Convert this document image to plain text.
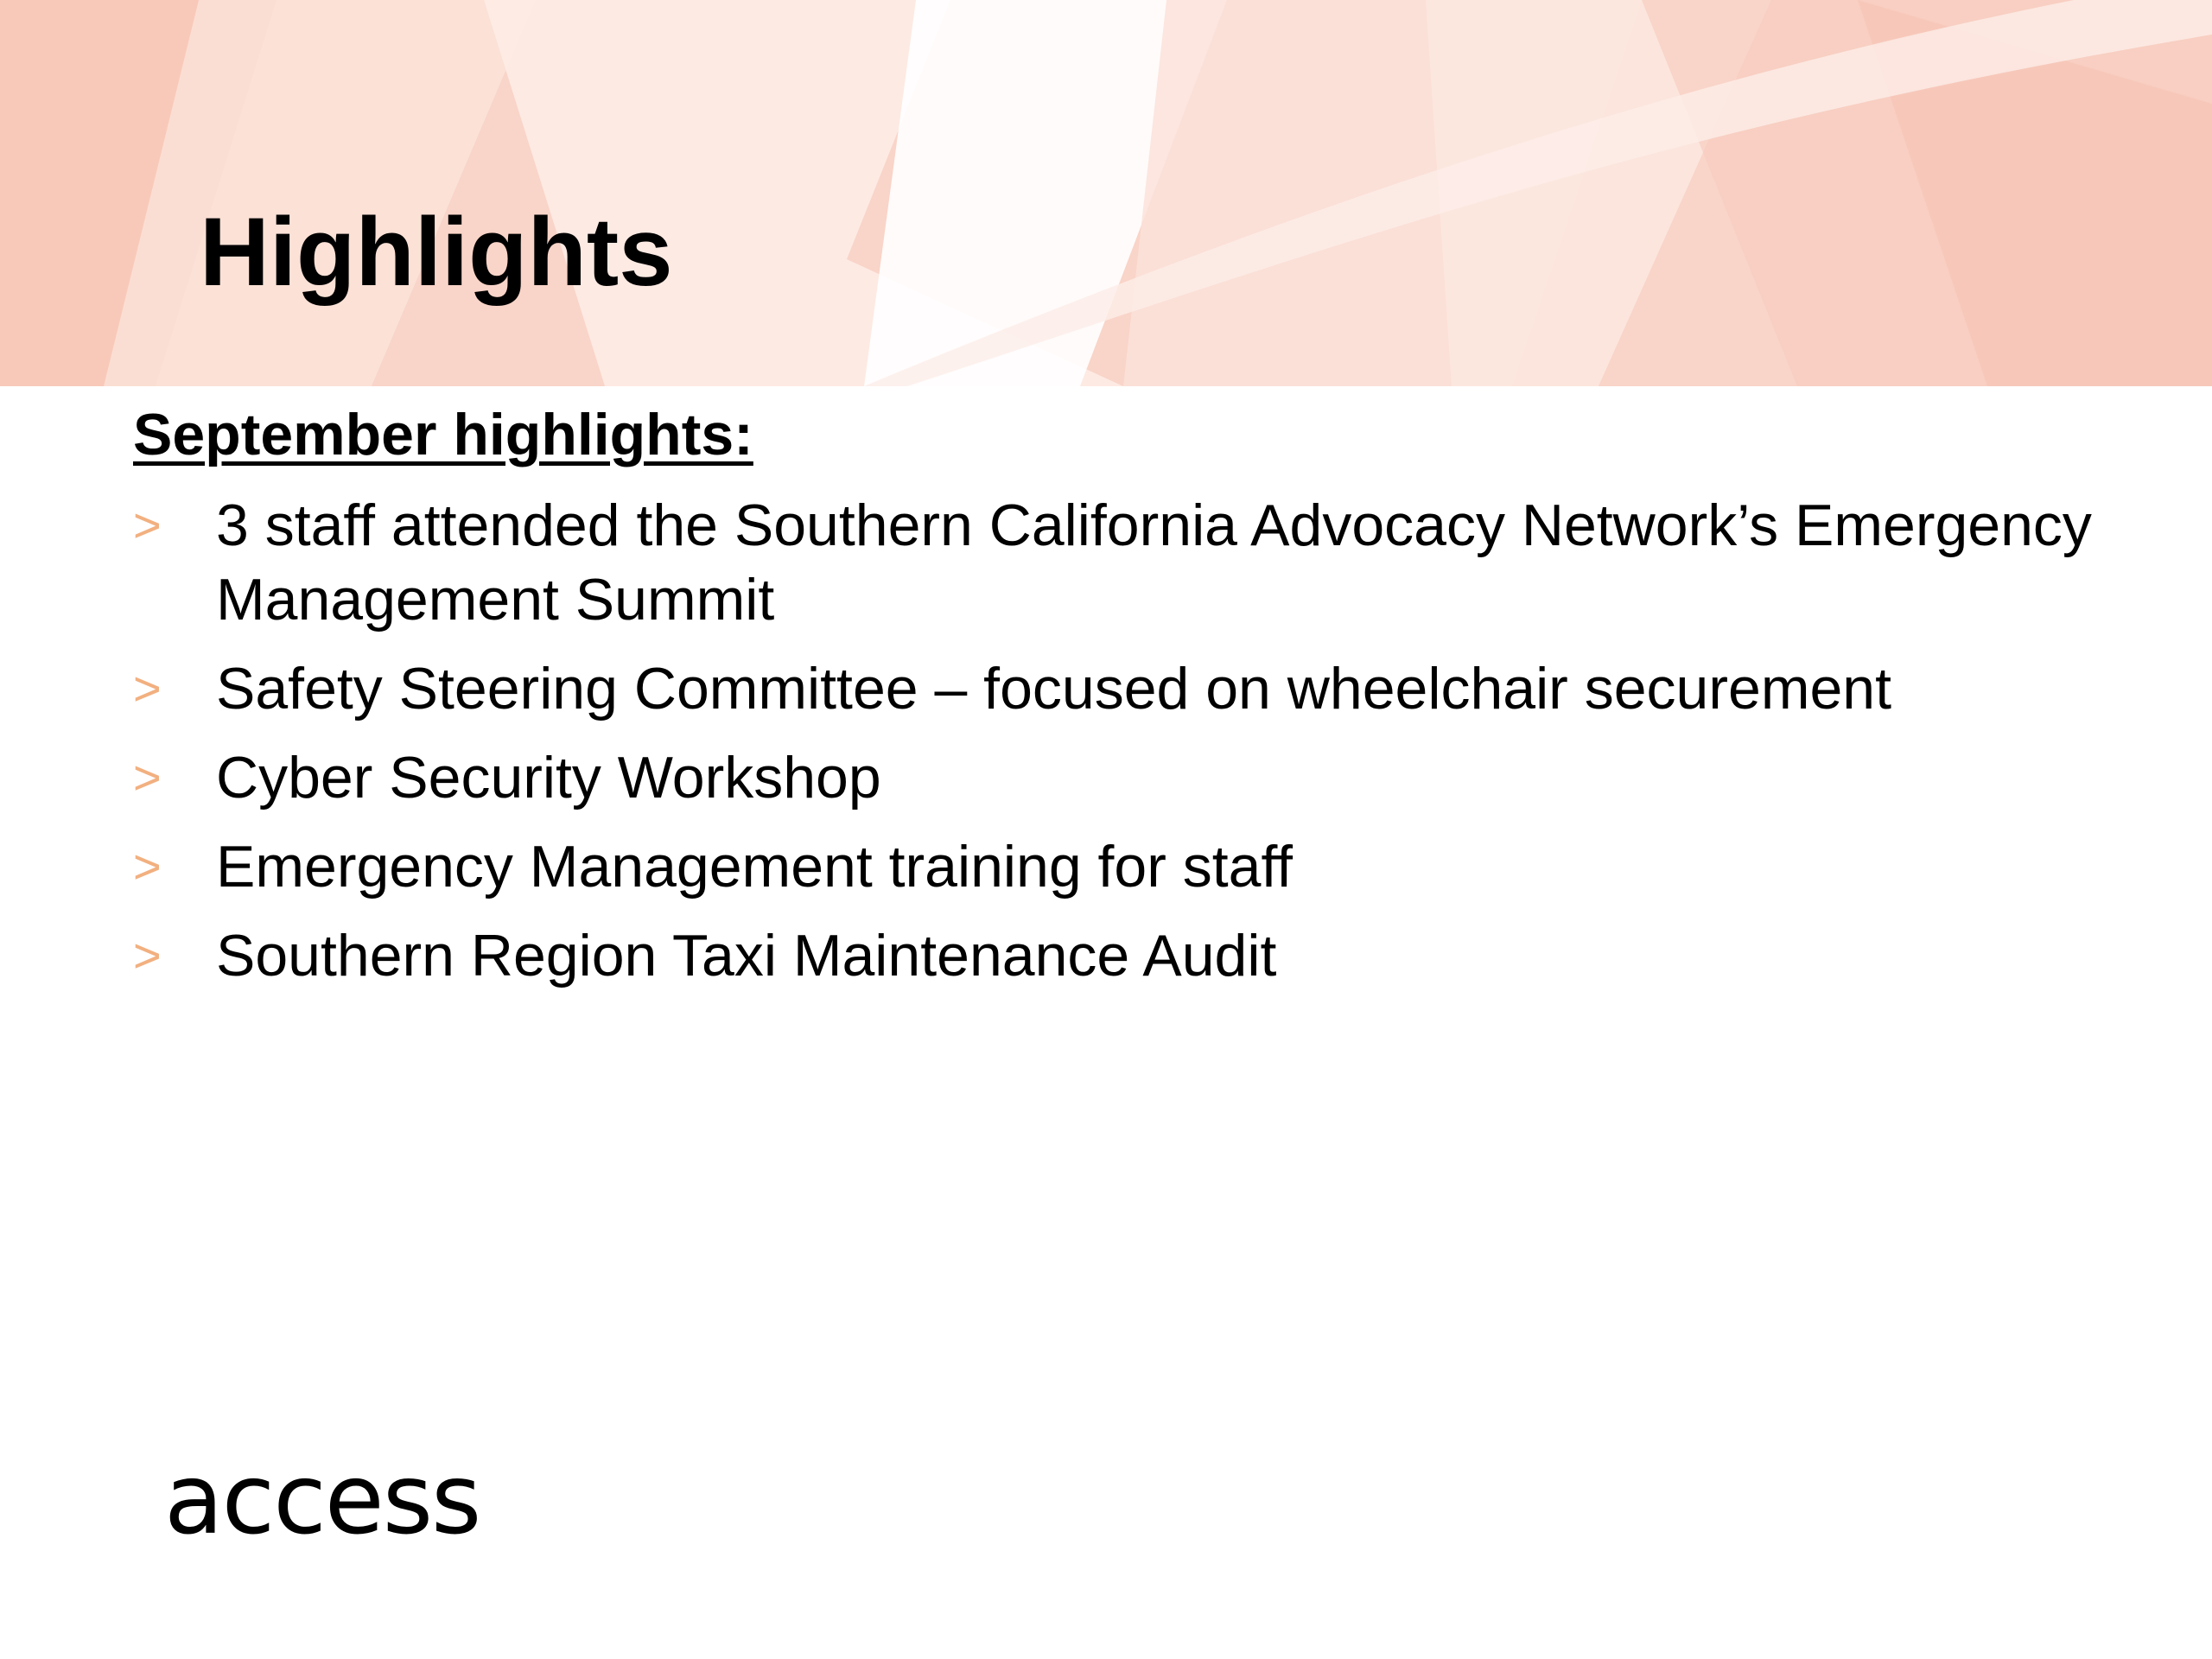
Highlights
September highlights:
> 3 staff attended the Southern California Advocacy Network’s Emergency Management Summit
> Safety Steering Committee – focused on wheelchair securement
> Cyber Security Workshop
> Emergency Management training for staff
> Southern Region Taxi Maintenance Audit
access
